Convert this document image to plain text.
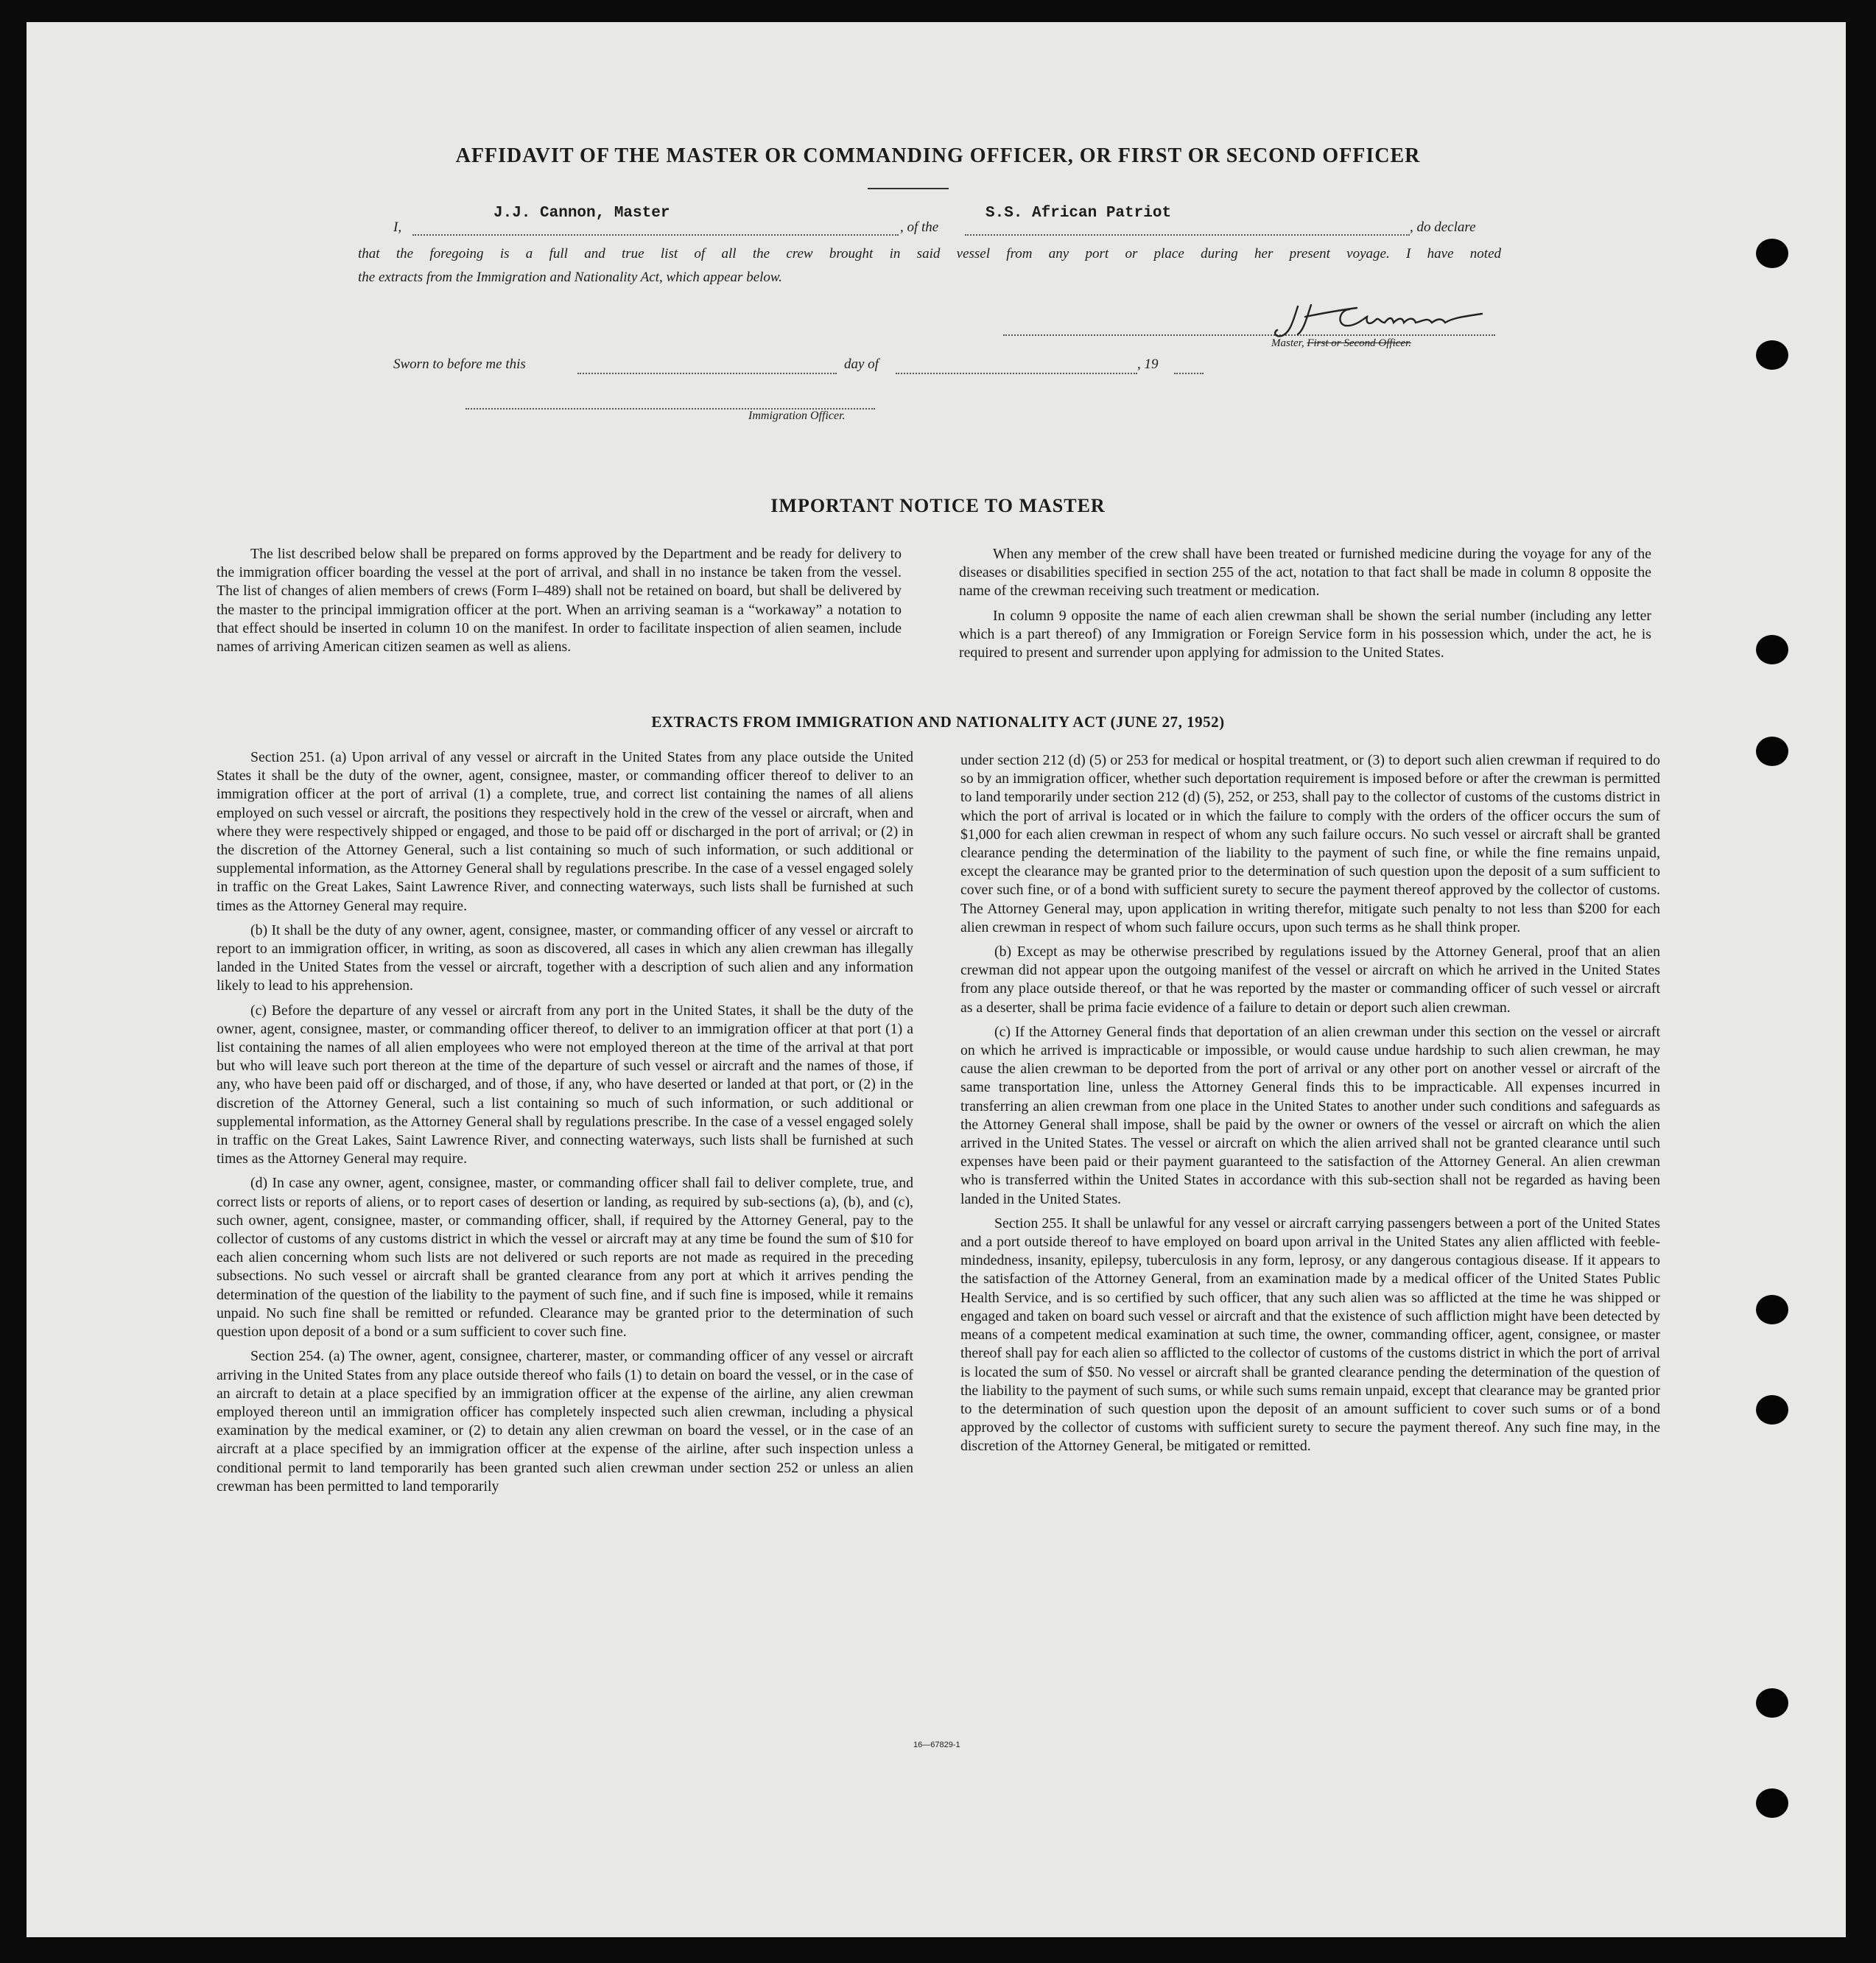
AFFIDAVIT OF THE MASTER OR COMMANDING OFFICER, OR FIRST OR SECOND OFFICER
I,
J.J. Cannon, Master
, of the
S.S. African Patriot
, do declare
that the foregoing is a full and true list of all the crew brought in said vessel from any port or place during her present voyage. I have noted
the extracts from the Immigration and Nationality Act, which appear below.
Master, First or Second Officer.
Sworn to before me this	day of	, 19
Immigration Officer.
IMPORTANT NOTICE TO MASTER

The list described below shall be prepared on forms approved by the Department and be ready for delivery to the immigration officer boarding the vessel at the port of arrival, and shall in no instance be taken from the vessel. The list of changes of alien members of crews (Form I–489) shall not be retained on board, but shall be delivered by the master to the principal immigration officer at the port. When an arriving seaman is a “workaway” a notation to that effect should be inserted in column 10 on the manifest. In order to facilitate inspection of alien seamen, include names of arriving American citizen seamen as well as aliens.

When any member of the crew shall have been treated or furnished medicine during the voyage for any of the diseases or disabilities specified in section 255 of the act, notation to that fact shall be made in column 8 opposite the name of the crewman receiving such treatment or medication.

In column 9 opposite the name of each alien crewman shall be shown the serial number (including any letter which is a part thereof) of any Immigration or Foreign Service form in his possession which, under the act, he is required to present and surrender upon applying for admission to the United States.

EXTRACTS FROM IMMIGRATION AND NATIONALITY ACT (JUNE 27, 1952)

Section 251. (a) Upon arrival of any vessel or aircraft in the United States from any place outside the United States it shall be the duty of the owner, agent, consignee, master, or commanding officer thereof to deliver to an immigration officer at the port of arrival (1) a complete, true, and correct list containing the names of all aliens employed on such vessel or aircraft, the positions they respectively hold in the crew of the vessel or aircraft, when and where they were respectively shipped or engaged, and those to be paid off or discharged in the port of arrival; or (2) in the discretion of the Attorney General, such a list containing so much of such information, or such additional or supplemental information, as the Attorney General shall by regulations prescribe. In the case of a vessel engaged solely in traffic on the Great Lakes, Saint Lawrence River, and connecting waterways, such lists shall be furnished at such times as the Attorney General may require.

(b) It shall be the duty of any owner, agent, consignee, master, or commanding officer of any vessel or aircraft to report to an immigration officer, in writing, as soon as discovered, all cases in which any alien crewman has illegally landed in the United States from the vessel or aircraft, together with a description of such alien and any information likely to lead to his apprehension.

(c) Before the departure of any vessel or aircraft from any port in the United States, it shall be the duty of the owner, agent, consignee, master, or commanding officer thereof, to deliver to an immigration officer at that port (1) a list containing the names of all alien employees who were not employed thereon at the time of the arrival at that port but who will leave such port thereon at the time of the departure of such vessel or aircraft and the names of those, if any, who have been paid off or discharged, and of those, if any, who have deserted or landed at that port, or (2) in the discretion of the Attorney General, such a list containing so much of such information, or such additional or supplemental information, as the Attorney General shall by regulations prescribe. In the case of a vessel engaged solely in traffic on the Great Lakes, Saint Lawrence River, and connecting waterways, such lists shall be furnished at such times as the Attorney General may require.

(d) In case any owner, agent, consignee, master, or commanding officer shall fail to deliver complete, true, and correct lists or reports of aliens, or to report cases of desertion or landing, as required by sub-sections (a), (b), and (c), such owner, agent, consignee, master, or commanding officer, shall, if required by the Attorney General, pay to the collector of customs of any customs district in which the vessel or aircraft may at any time be found the sum of $10 for each alien concerning whom such lists are not delivered or such reports are not made as required in the preceding subsections. No such vessel or aircraft shall be granted clearance from any port at which it arrives pending the determination of the question of the liability to the payment of such fine, and if such fine is imposed, while it remains unpaid. No such fine shall be remitted or refunded. Clearance may be granted prior to the determination of such question upon deposit of a bond or a sum sufficient to cover such fine.

Section 254. (a) The owner, agent, consignee, charterer, master, or commanding officer of any vessel or aircraft arriving in the United States from any place outside thereof who fails (1) to detain on board the vessel, or in the case of an aircraft to detain at a place specified by an immigration officer at the expense of the airline, any alien crewman employed thereon until an immigration officer has completely inspected such alien crewman, including a physical examination by the medical examiner, or (2) to detain any alien crewman on board the vessel, or in the case of an aircraft at a place specified by an immigration officer at the expense of the airline, after such inspection unless a conditional permit to land temporarily has been granted such alien crewman under section 252 or unless an alien crewman has been permitted to land temporarily

under section 212 (d) (5) or 253 for medical or hospital treatment, or (3) to deport such alien crewman if required to do so by an immigration officer, whether such deportation requirement is imposed before or after the crewman is permitted to land temporarily under section 212 (d) (5), 252, or 253, shall pay to the collector of customs of the customs district in which the port of arrival is located or in which the failure to comply with the orders of the officer occurs the sum of $1,000 for each alien crewman in respect of whom any such failure occurs. No such vessel or aircraft shall be granted clearance pending the determination of the liability to the payment of such fine, or while the fine remains unpaid, except the clearance may be granted prior to the determination of such question upon the deposit of a sum sufficient to cover such fine, or of a bond with sufficient surety to secure the payment thereof approved by the collector of customs. The Attorney General may, upon application in writing therefor, mitigate such penalty to not less than $200 for each alien crewman in respect of whom such failure occurs, upon such terms as he shall think proper.

(b) Except as may be otherwise prescribed by regulations issued by the Attorney General, proof that an alien crewman did not appear upon the outgoing manifest of the vessel or aircraft on which he arrived in the United States from any place outside thereof, or that he was reported by the master or commanding officer of such vessel or aircraft as a deserter, shall be prima facie evidence of a failure to detain or deport such alien crewman.

(c) If the Attorney General finds that deportation of an alien crewman under this section on the vessel or aircraft on which he arrived is impracticable or impossible, or would cause undue hardship to such alien crewman, he may cause the alien crewman to be deported from the port of arrival or any other port on another vessel or aircraft of the same transportation line, unless the Attorney General finds this to be impracticable. All expenses incurred in transferring an alien crewman from one place in the United States to another under such conditions and safeguards as the Attorney General shall impose, shall be paid by the owner or owners of the vessel or aircraft on which the alien arrived in the United States. The vessel or aircraft on which the alien arrived shall not be granted clearance until such expenses have been paid or their payment guaranteed to the satisfaction of the Attorney General. An alien crewman who is transferred within the United States in accordance with this sub-section shall not be regarded as having been landed in the United States.

Section 255. It shall be unlawful for any vessel or aircraft carrying passengers between a port of the United States and a port outside thereof to have employed on board upon arrival in the United States any alien afflicted with feeble-mindedness, insanity, epilepsy, tuberculosis in any form, leprosy, or any dangerous contagious disease. If it appears to the satisfaction of the Attorney General, from an examination made by a medical officer of the United States Public Health Service, and is so certified by such officer, that any such alien was so afflicted at the time he was shipped or engaged and taken on board such vessel or aircraft and that the existence of such affliction might have been detected by means of a competent medical examination at such time, the owner, commanding officer, agent, consignee, or master thereof shall pay for each alien so afflicted to the collector of customs of the customs district in which the port of arrival is located the sum of $50. No vessel or aircraft shall be granted clearance pending the determination of the question of the liability to the payment of such sums, or while such sums remain unpaid, except that clearance may be granted prior to the determination of such question upon the deposit of an amount sufficient to cover such sums or of a bond approved by the collector of customs with sufficient surety to secure the payment thereof. Any such fine may, in the discretion of the Attorney General, be mitigated or remitted.

16—67829-1
